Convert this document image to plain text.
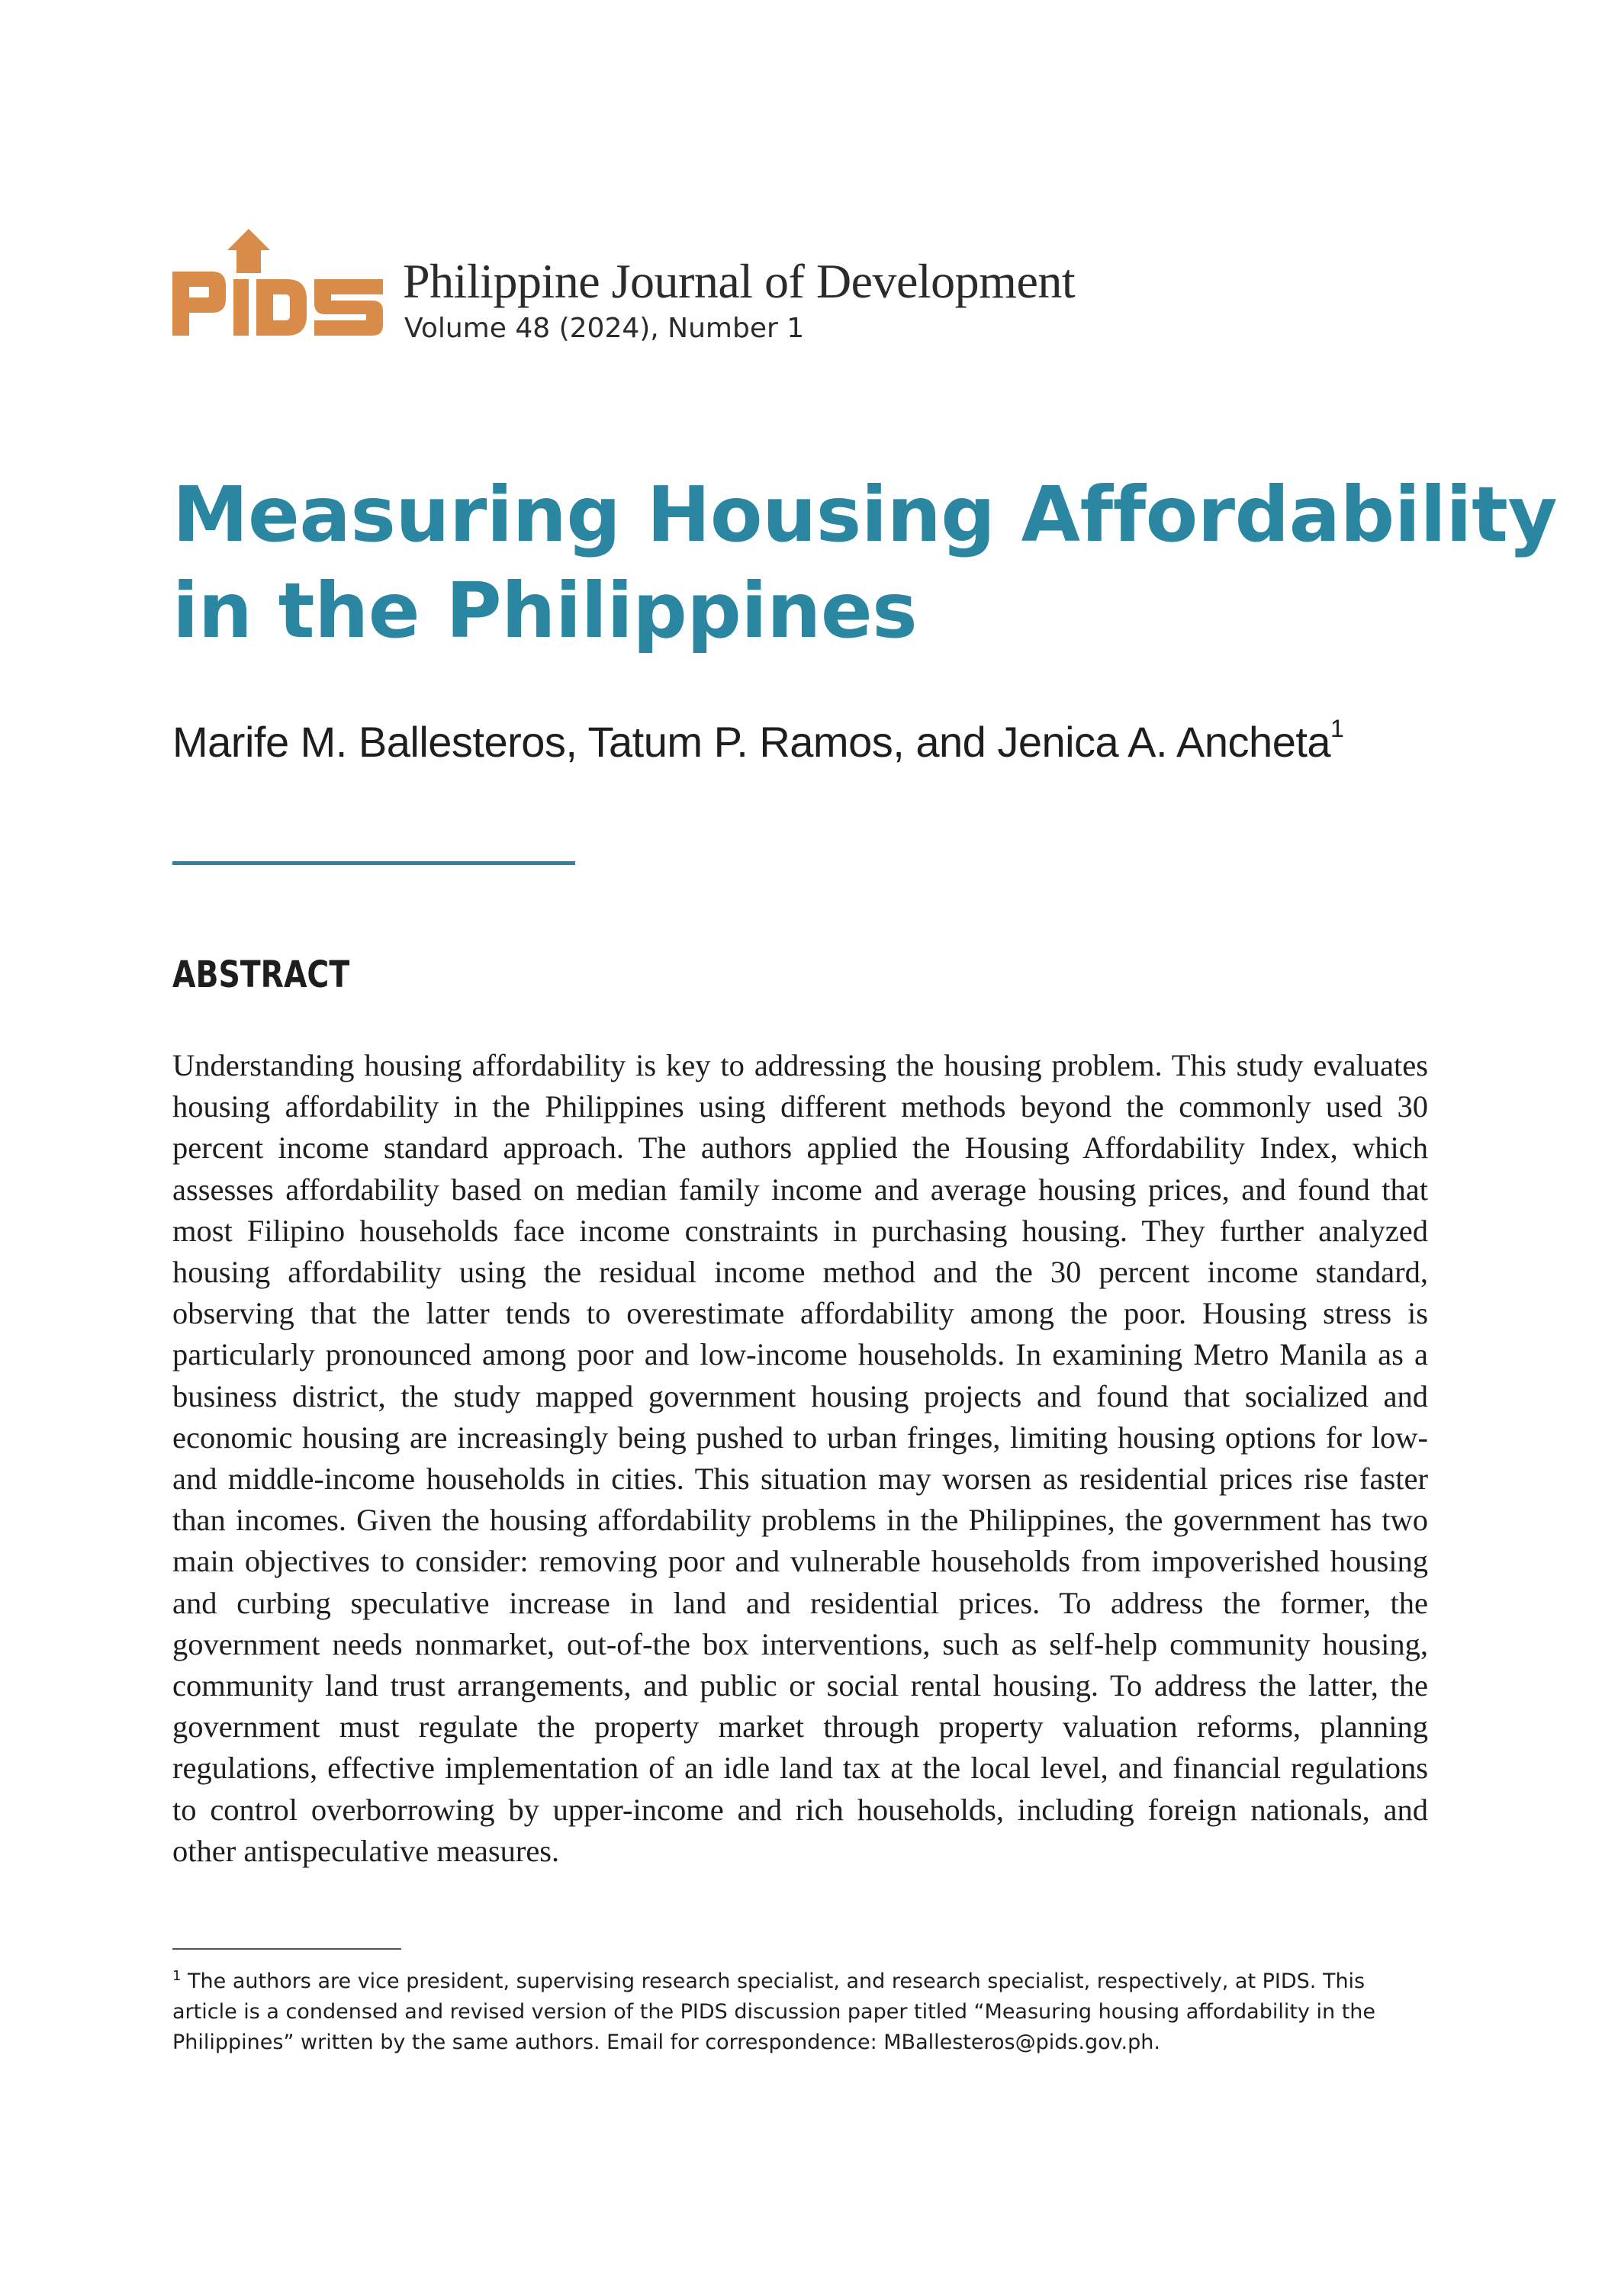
PIDS
Philippine Journal of Development
Volume 48 (2024), Number 1
Measuring Housing Affordability
in the Philippines
Marife M. Ballesteros, Tatum P. Ramos, and Jenica A. Ancheta$^1$
ABSTRACT

Understanding housing affordability is key to addressing the housing problem. This study evaluates housing affordability in the Philippines using different methods beyond the commonly used 30 percent income standard approach. The authors applied the Housing Affordability Index, which assesses affordability based on median family income and average housing prices, and found that most Filipino households face income constraints in purchasing housing. They further analyzed housing affordability using the residual income method and the 30 percent income standard, observing that the latter tends to overestimate affordability among the poor. Housing stress is particularly pronounced among poor and low-income households. In examining Metro Manila as a business district, the study mapped government housing projects and found that socialized and economic housing are increasingly being pushed to urban fringes, limiting housing options for low- and middle-income households in cities. This situation may worsen as residential prices rise faster than incomes. Given the housing affordability problems in the Philippines, the government has two main objectives to consider: removing poor and vulnerable households from impoverished housing and curbing speculative increase in land and residential prices. To address the former, the government needs nonmarket, out-of-the box interventions, such as self-help community housing, community land trust arrangements, and public or social rental housing. To address the latter, the government must regulate the property market through property valuation reforms, planning regulations, effective implementation of an idle land tax at the local level, and financial regulations to control overborrowing by upper-income and rich households, including foreign nationals, and other antispeculative measures.

$^1$ The authors are vice president, supervising research specialist, and research specialist, respectively, at PIDS. This article is a condensed and revised version of the PIDS discussion paper titled “Measuring housing affordability in the Philippines” written by the same authors. Email for correspondence: MBallesteros@pids.gov.ph.
